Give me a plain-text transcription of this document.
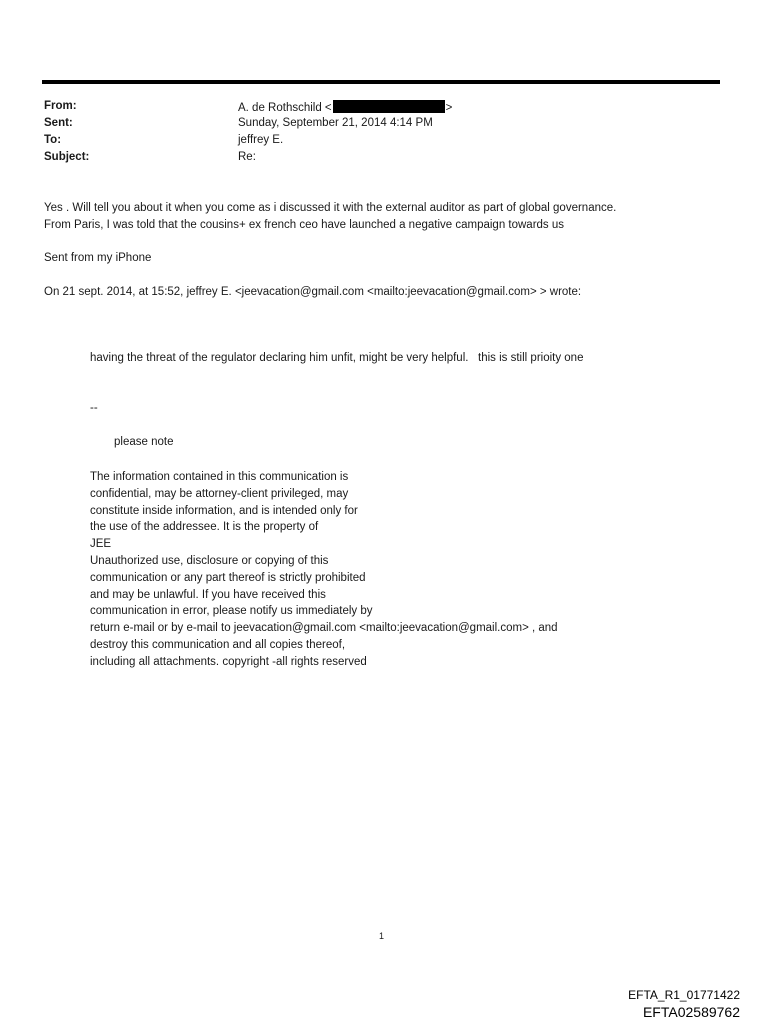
From:	A. de Rothschild <	>
Sent:	Sunday, September 21, 2014 4:14 PM
To:	jeffrey E.
Subject:	Re:
Yes . Will tell you about it when you come as i discussed it with the external auditor as part of global governance.
From Paris, I was told that the cousins+ ex french ceo have launched a negative campaign towards us
Sent from my iPhone
On 21 sept. 2014, at 15:52, jeffrey E. <jeevacation@gmail.com <mailto:jeevacation@gmail.com> > wrote:
having the threat of the regulator declaring him unfit, might be very helpful.   this is still prioity one
--
please note
The information contained in this communication is
confidential, may be attorney-client privileged, may
constitute inside information, and is intended only for
the use of the addressee. It is the property of
JEE
Unauthorized use, disclosure or copying of this
communication or any part thereof is strictly prohibited
and may be unlawful. If you have received this
communication in error, please notify us immediately by
return e-mail or by e-mail to jeevacation@gmail.com <mailto:jeevacation@gmail.com> , and
destroy this communication and all copies thereof,
including all attachments. copyright -all rights reserved
1
EFTA_R1_01771422
EFTA02589762
